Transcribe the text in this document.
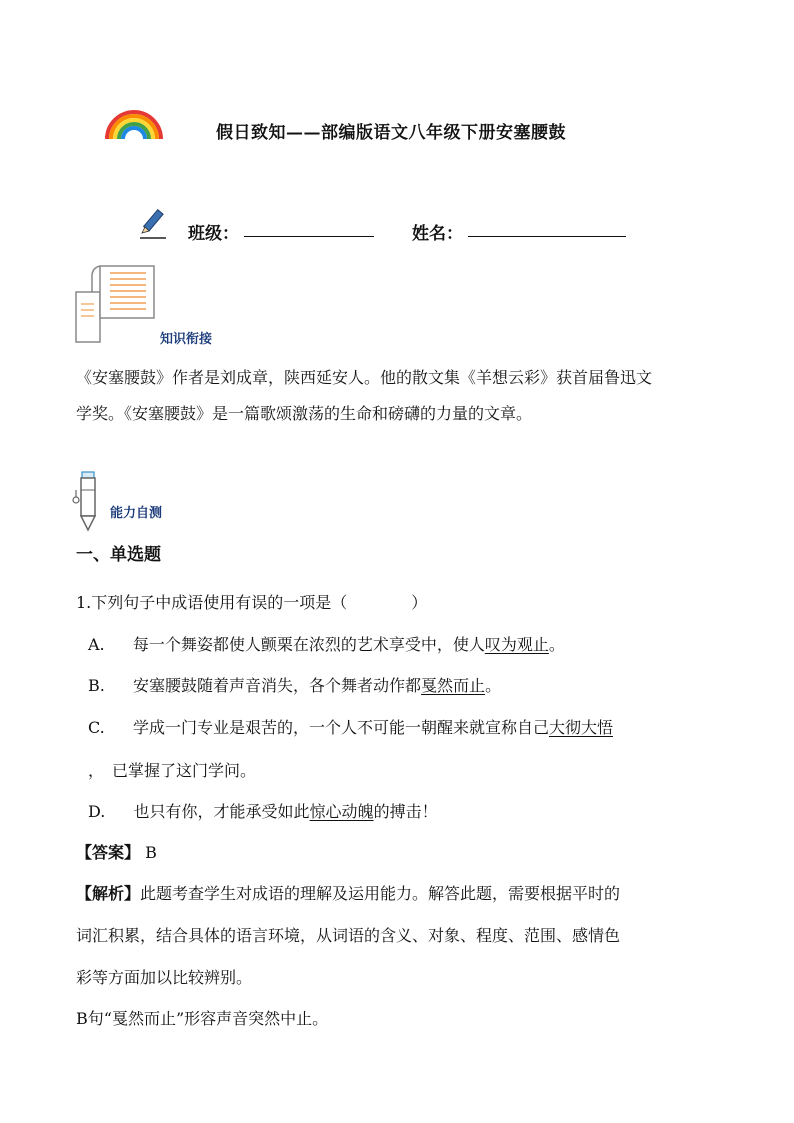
假日致知——部编版语文八年级下册安塞腰鼓
班级：	姓名：
知识衔接
《安塞腰鼓》作者是刘成章，陕西延安人。他的散文集《羊想云彩》获首届鲁迅文
学奖。《安塞腰鼓》是一篇歌颂激荡的生命和磅礴的力量的文章。
能力自测
一、单选题
1.下列句子中成语使用有误的一项是（　　　　）
A. 每一个舞姿都使人颤栗在浓烈的艺术享受中，使人叹为观止。
B. 安塞腰鼓随着声音消失，各个舞者动作都戛然而止。
C. 学成一门专业是艰苦的，一个人不可能一朝醒来就宣称自己大彻大悟
，　已掌握了这门学问。
D. 也只有你，才能承受如此惊心动魄的搏击！
【答案】 B
【解析】此题考查学生对成语的理解及运用能力。解答此题，需要根据平时的
词汇积累，结合具体的语言环境，从词语的含义、对象、程度、范围、感情色
彩等方面加以比较辨别。
B句“戛然而止”形容声音突然中止。
